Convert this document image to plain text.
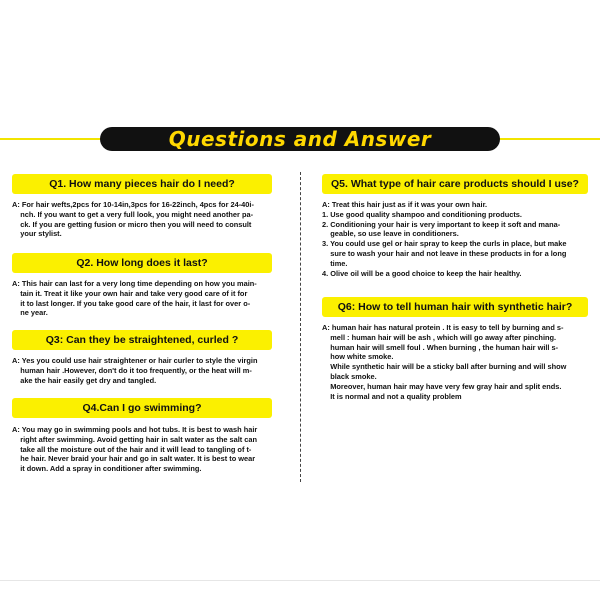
Questions and Answer
Q1. How many pieces hair do I need?

A: For hair wefts,2pcs for 10-14in,3pcs for 16-22inch, 4pcs for 24-40i-

nch. If you want to get a very full look, you might need another pa-

ck. If you are getting fusion or micro then you will need to consult

your stylist.

Q2. How long does it last?

A: This hair can last for a very long time depending on how you main-

tain it. Treat it like your own hair and take very good care of it for

it to last longer. If you take good care of the hair, it last for over o-

ne year.

Q3: Can they be straightened, curled ?

A: Yes you could use hair straightener or hair curler to style the virgin

human hair .However, don't do it too frequently, or the heat will m-

ake the hair easily get dry and tangled.

Q4.Can I go swimming?

A: You may go in swimming pools and hot tubs. It is best to wash hair

right after swimming. Avoid getting hair in salt water as the salt can

take all the moisture out of the hair and it will lead to tangling of t-

he hair. Never braid your hair and go in salt water. It is best to wear

it down. Add a spray in conditioner after swimming.

Q5. What type of hair care products should I use?

A: Treat this hair just as if it was your own hair.

1. Use good quality shampoo and conditioning products.

2. Conditioning your hair is very important to keep it soft and mana-

geable, so use leave in conditioners.

3. You could use gel or hair spray to keep the curls in place, but make

sure to wash your hair and not leave in these products in for a long

time.

4. Olive oil will be a good choice to keep the hair healthy.

Q6: How to tell human hair with synthetic hair?

A: human hair has natural protein . It is easy to tell by burning and s-

mell : human hair will be ash , which will go away after pinching.

human hair will smell foul . When burning , the human hair will s-

how white smoke.

While synthetic hair will be a sticky ball after burning and will show

black smoke.

Moreover, human hair may have very few gray hair and split ends.

It is normal and not a quality problem
